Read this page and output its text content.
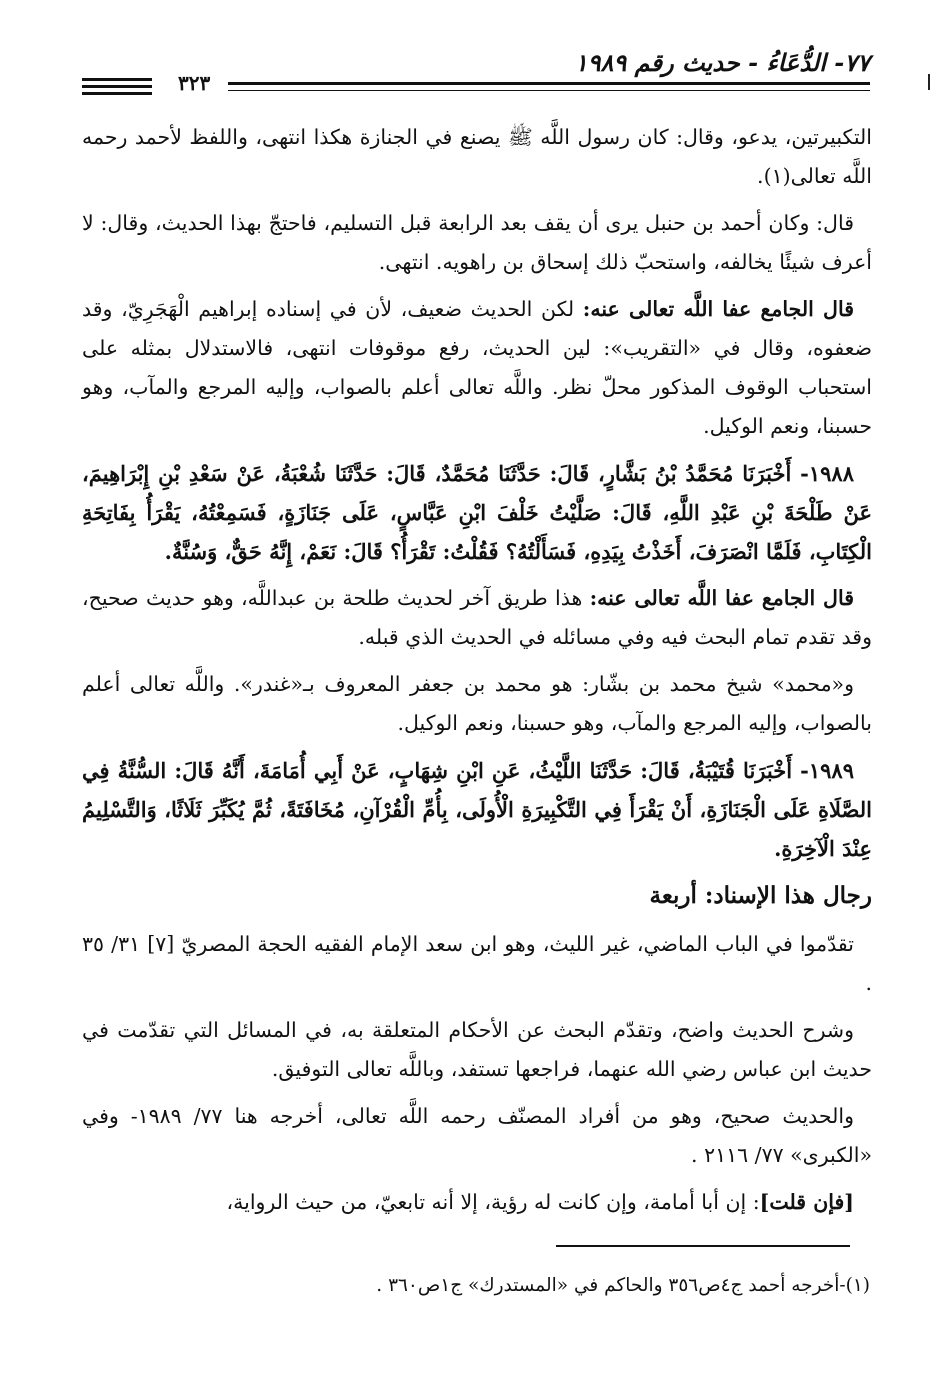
٧٧- الدُّعَاءُ - حديث رقم ١٩٨٩
٣٢٣

التكبيرتين، يدعو، وقال: كان رسول اللَّه ﷺ يصنع في الجنازة هكذا انتهى، واللفظ لأحمد رحمه اللَّه تعالى(١).

قال: وكان أحمد بن حنبل يرى أن يقف بعد الرابعة قبل التسليم، فاحتجّ بهذا الحديث، وقال: لا أعرف شيئًا يخالفه، واستحبّ ذلك إسحاق بن راهويه. انتهى.

قال الجامع عفا اللَّه تعالى عنه: لكن الحديث ضعيف، لأن في إسناده إبراهيم الْهَجَرِيّ، وقد ضعفوه، وقال في «التقريب»: لين الحديث، رفع موقوفات انتهى، فالاستدلال بمثله على استحباب الوقوف المذكور محلّ نظر. واللَّه تعالى أعلم بالصواب، وإليه المرجع والمآب، وهو حسبنا، ونعم الوكيل.

١٩٨٨- أَخْبَرَنَا مُحَمَّدُ بْنُ بَشَّارٍ، قَالَ: حَدَّثَنَا مُحَمَّدٌ، قَالَ: حَدَّثَنَا شُعْبَةُ، عَنْ سَعْدِ بْنِ إِبْرَاهِيمَ، عَنْ طَلْحَةَ بْنِ عَبْدِ اللَّهِ، قَالَ: صَلَّيْتُ خَلْفَ ابْنِ عَبَّاسٍ، عَلَى جَنَازَةٍ، فَسَمِعْتُهُ، يَقْرَأُ بِفَاتِحَةِ الْكِتَابِ، فَلَمَّا انْصَرَفَ، أَخَذْتُ بِيَدِهِ، فَسَأَلْتُهُ؟ فَقُلْتُ: تَقْرَأُ؟ قَالَ: نَعَمْ، إِنَّهُ حَقٌّ، وَسُنَّةٌ.

قال الجامع عفا اللَّه تعالى عنه: هذا طريق آخر لحديث طلحة بن عبداللَّه، وهو حديث صحيح، وقد تقدم تمام البحث فيه وفي مسائله في الحديث الذي قبله.

و«محمد» شيخ محمد بن بشّار: هو محمد بن جعفر المعروف بـ«غندر». واللَّه تعالى أعلم بالصواب، وإليه المرجع والمآب، وهو حسبنا، ونعم الوكيل.

١٩٨٩- أَخْبَرَنَا قُتَيْبَةُ، قَالَ: حَدَّثَنَا اللَّيْثُ، عَنِ ابْنِ شِهَابٍ، عَنْ أَبِي أُمَامَةَ، أَنَّهُ قَالَ: السُّنَّةُ فِي الصَّلَاةِ عَلَى الْجَنَازَةِ، أَنْ يَقْرَأَ فِي التَّكْبِيرَةِ الْأُولَى، بِأُمِّ الْقُرْآنِ، مُخَافَتَةً، ثُمَّ يُكَبِّرَ ثَلَاثًا، وَالتَّسْلِيمُ عِنْدَ الْآخِرَةِ.

رجال هذا الإسناد: أربعة

تقدّموا في الباب الماضي، غير الليث، وهو ابن سعد الإمام الفقيه الحجة المصريّ [٧] ٣١/ ٣٥ .

وشرح الحديث واضح، وتقدّم البحث عن الأحكام المتعلقة به، في المسائل التي تقدّمت في حديث ابن عباس رضي الله عنهما، فراجعها تستفد، وباللَّه تعالى التوفيق.

والحديث صحيح، وهو من أفراد المصنّف رحمه اللَّه تعالى، أخرجه هنا ٧٧/ ١٩٨٩- وفي «الكبرى» ٧٧/ ٢١١٦ .

[فإن قلت]: إن أبا أمامة، وإن كانت له رؤية، إلا أنه تابعيّ، من حيث الرواية،

(١)-أخرجه أحمد ج٤ص٣٥٦ والحاكم في «المستدرك» ج١ص٣٦٠ .
